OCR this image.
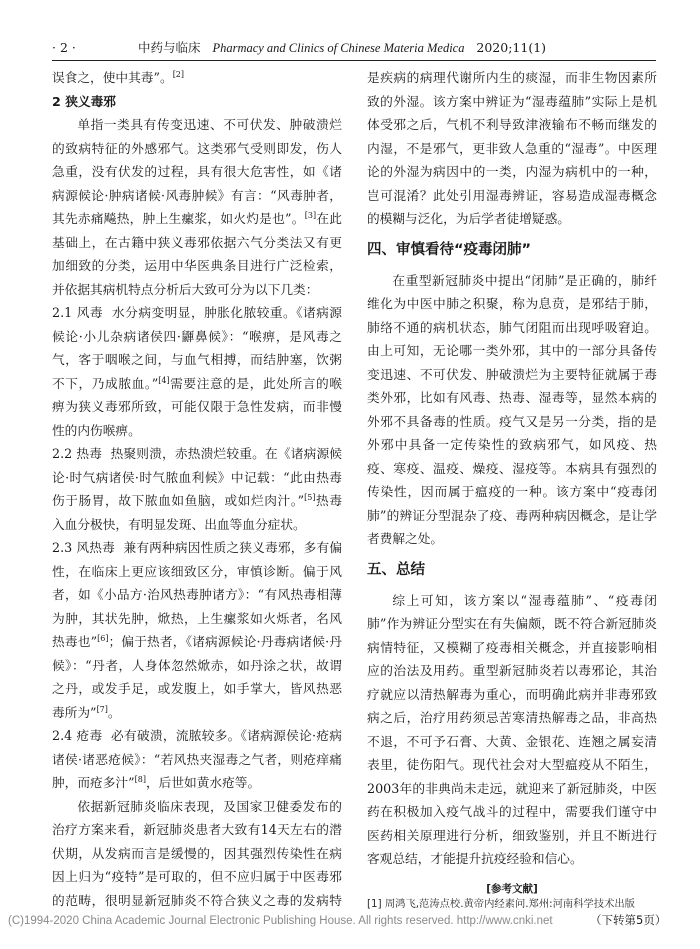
· 2 ·	中药与临床 Pharmacy and Clinics of Chinese Materia Medica 2020;11(1)

误食之，使中其毒”。[2]

2 狭义毒邪

单指一类具有传变迅速、不可伏发、肿破溃烂的致病特征的外感邪气。这类邪气受则即发，伤人急重，没有伏发的过程，具有很大危害性，如《诸病源候论·肿病诸候·风毒肿候》有言：“风毒肿者，其先赤痛飚热，肿上生瘰浆，如火灼是也”。[3]在此基础上，在古籍中狭义毒邪依据六气分类法又有更加细致的分类，运用中华医典条目进行广泛检索，并依据其病机特点分析后大致可分为以下几类：

2.1 风毒 水分病变明显，肿胀化脓较重。《诸病源候论·小儿杂病诸侯四·鼲鼻候》：“喉痹，是风毒之气，客于咽喉之间，与血气相搏，而结肿塞，饮粥不下，乃成脓血。”[4]需要注意的是，此处所言的喉痹为狭义毒邪所致，可能仅限于急性发病，而非慢性的内伤喉痹。

2.2 热毒 热聚则溃，赤热溃烂较重。在《诸病源候论·时气病诸侯·时气脓血利候》中记载：“此由热毒伤于肠胃，故下脓血如鱼脑，或如烂肉汁。”[5]热毒入血分极快，有明显发斑、出血等血分症状。

2.3 风热毒 兼有两种病因性质之狭义毒邪，多有偏性，在临床上更应该细致区分，审慎诊断。偏于风者，如《小品方·治风热毒肿诸方》：“有风热毒相薄为肿，其状先肿，焮热，上生瘰浆如火烁者，名风热毒也”[6]；偏于热者，《诸病源候论·丹毒病诸候·丹候》：“丹者，人身体忽然焮赤，如丹涂之状，故谓之丹，或发手足，或发腹上，如手掌大，皆风热恶毒所为”[7]。

2.4 疮毒 必有破溃，流脓较多。《诸病源侯论·疮病诸侯·诸恶疮候》：“若风热夹湿毒之气者，则疮痒痛 肿，而疮多汁”[8]，后世如黄水疮等。

依据新冠肺炎临床表现，及国家卫健委发布的治疗方案来看，新冠肺炎患者大致有14天左右的潜伏期，从发病而言是缓慢的，因其强烈传染性在病因上归为“疫特”是可取的，但不应归属于中医毒邪的范畴，很明显新冠肺炎不符合狭义之毒的发病特

是疾病的病理代谢所内生的痰湿，而非生物因素所致的外湿。该方案中辨证为“湿毒蕴肺”实际上是机体受邪之后，气机不利导致津液输布不畅而继发的内湿，不是邪气，更非致人急重的“湿毒”。中医理论的外湿为病因中的一类，内湿为病机中的一种，岂可混淆？此处引用湿毒辨证，容易造成湿毒概念的模糊与泛化，为后学者徒增疑惑。

四、审慎看待“疫毒闭肺”

在重型新冠肺炎中提出“闭肺”是正确的，肺纤维化为中医中肺之积聚，称为息贲，是邪结于肺，肺络不通的病机状态，肺气闭阻而出现呼吸窘迫。由上可知，无论哪一类外邪，其中的一部分具备传变迅速、不可伏发、肿破溃烂为主要特征就属于毒类外邪，比如有风毒、热毒、湿毒等，显然本病的外邪不具备毒的性质。疫气又是另一分类，指的是外邪中具备一定传染性的致病邪气，如风疫、热疫、寒疫、温疫、燥疫、湿疫等。本病具有强烈的传染性，因而属于瘟疫的一种。该方案中“疫毒闭肺”的辨证分型混杂了疫、毒两种病因概念，是让学者费解之处。

五、总结

综上可知，该方案以“湿毒蕴肺”、“疫毒闭肺”作为辨证分型实在有失偏颇，既不符合新冠肺炎病情特征，又模糊了疫毒相关概念，并直接影响相应的治法及用药。重型新冠肺炎若以毒邪论，其治疗就应以清热解毒为重心，而明确此病并非毒邪致病之后，治疗用药须忌苦寒清热解毒之品，非高热不退，不可予石膏、大黄、金银花、连翘之属妄清表里，徒伤阳气。现代社会对大型瘟疫从不陌生，2003年的非典尚未走远，就迎来了新冠肺炎，中医药在积极加入疫气战斗的过程中，需要我们谨守中医药相关原理进行分析，细致鉴别，并且不断进行客观总结，才能提升抗疫经验和信心。

[参考文献]
[1] 周鸿飞,范涛点校.黄帝内经素问.郑州:河南科学技术出版
(C)1994-2020 China Academic Journal Electronic Publishing House. All rights reserved. http://www.cnki.net	（下转第5页）
